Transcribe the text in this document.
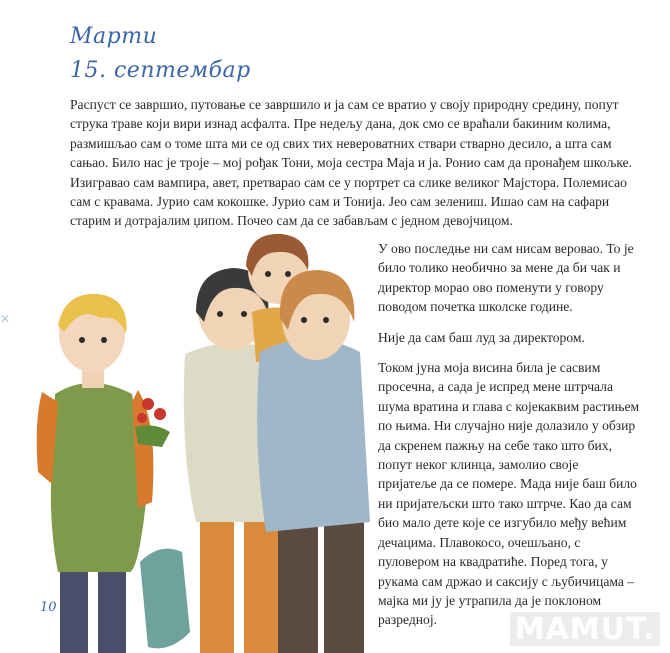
Марти
15. септембар
Распуст се завршио, путовање се завршило и ја сам се вратио у своју природну средину, попут струка траве који вири изнад асфалта. Пре недељу дана, док смо се враћали бакиним колима, размишљао сам о томе шта ми се од свих тих невероватних ствари стварно десило, а шта сам сањао. Било нас је троје – мој рођак Тони, моја сестра Маја и ја. Ронио сам да пронађем шкољке. Изигравао сам вампира, авет, претварао сам се у портрет са слике великог Мајстора. Полемисао сам с кравама. Јурио сам кокошке. Јурио сам и Тонија. Јео сам зелениш. Ишао сам на сафари старим и дотрајалим џипом. Почео сам да се забављам с једном девојчицом.

У ово последње ни сам нисам веровао. То је било толико необично за мене да би чак и директор морао ово поменути у говору поводом почетка школске године.

Није да сам баш луд за директором.

Током јуна моја висина била је сасвим просечна, а сада је испред мене штрчала шума вратина и глава с којекаквим растињем по њима. Ни случајно није долазило у обзир да скренем пажњу на себе тако што бих, попут неког клинца, замолио своје пријатеље да се помере. Мада није баш било ни пријатељски што тако штрче. Као да сам био мало дете које се изгубило међу већим дечацима. Плавокосо, очешљано, с пуловером на квадратиће. Поред тога, у рукама сам држао и саксију с љубичицама – мајка ми ју је утрапила да је поклоном разредној.

✕
10
MAMUT.
